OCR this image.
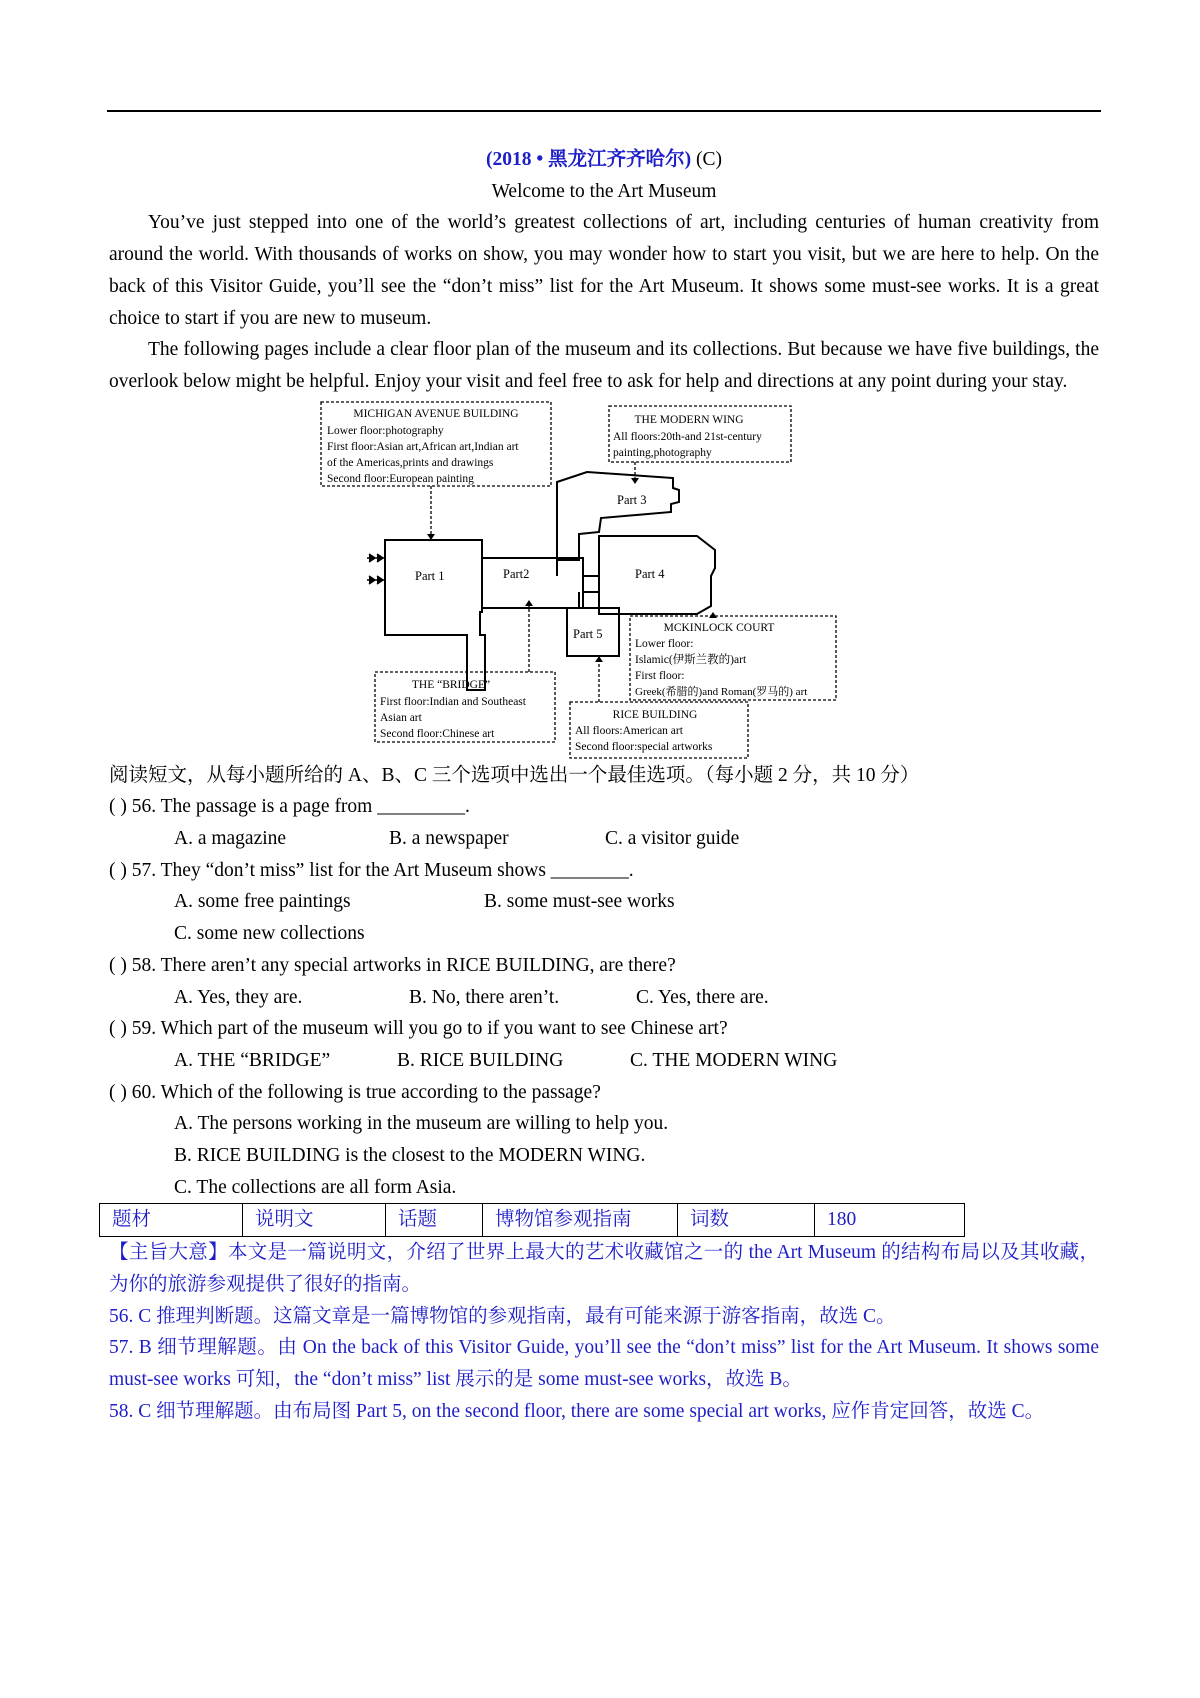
(2018 • 黑龙江齐齐哈尔) (C)
Welcome to the Art Museum

You’ve just stepped into one of the world’s greatest collections of art, including centuries of human creativity from around the world. With thousands of works on show, you may wonder how to start you visit, but we are here to help. On the back of this Visitor Guide, you’ll see the “don’t miss” list for the Art Museum. It shows some must-see works. It is a great choice to start if you are new to museum.

The following pages include a clear floor plan of the museum and its collections. But because we have five buildings, the overlook below might be helpful. Enjoy your visit and feel free to ask for help and directions at any point during your stay.

MICHIGAN AVENUE BUILDING
Lower floor:photography
First floor:Asian art,African art,Indian art
of the Americas,prints and drawings
Second floor:European painting
THE MODERN WING
All floors:20th-and 21st-century
painting,photography
MCKINLOCK COURT
Lower floor:
Islamic(伊斯兰教的)art
First floor:
Greek(希腊的)and Roman(罗马的) art
THE “BRIDGE”
First floor:Indian and Southeast
Asian art
Second floor:Chinese art
RICE BUILDING
All floors:American art
Second floor:special artworks
Part 1	Part2
Part 3
Part 4
Part 5
阅读短文，从每小题所给的 A、B、C 三个选项中选出一个最佳选项。（每小题 2 分，共 10 分）
( ) 56. The passage is a page from _________.
A. a magazine	B. a newspaper	C. a visitor guide
( ) 57. They “don’t miss” list for the Art Museum shows ________.
A. some free paintings	B. some must-see works
C. some new collections
( ) 58. There aren’t any special artworks in RICE BUILDING, are there?
A. Yes, they are.	B. No, there aren’t.	C. Yes, there are.
( ) 59. Which part of the museum will you go to if you want to see Chinese art?
A. THE “BRIDGE”	B. RICE BUILDING	C. THE MODERN WING
( ) 60. Which of the following is true according to the passage?
A. The persons working in the museum are willing to help you.
B. RICE BUILDING is the closest to the MODERN WING.
C. The collections are all form Asia.
题材	说明文	话题	博物馆参观指南	词数	180

【主旨大意】本文是一篇说明文，介绍了世界上最大的艺术收藏馆之一的 the Art Museum 的结构布局以及其收藏，为你的旅游参观提供了很好的指南。

56. C 推理判断题。这篇文章是一篇博物馆的参观指南，最有可能来源于游客指南，故选 C。

57. B 细节理解题。由 On the back of this Visitor Guide, you’ll see the “don’t miss” list for the Art Museum. It shows some must-see works 可知，the “don’t miss” list 展示的是 some must-see works，故选 B。

58. C 细节理解题。由布局图 Part 5, on the second floor, there are some special art works, 应作肯定回答，故选 C。
